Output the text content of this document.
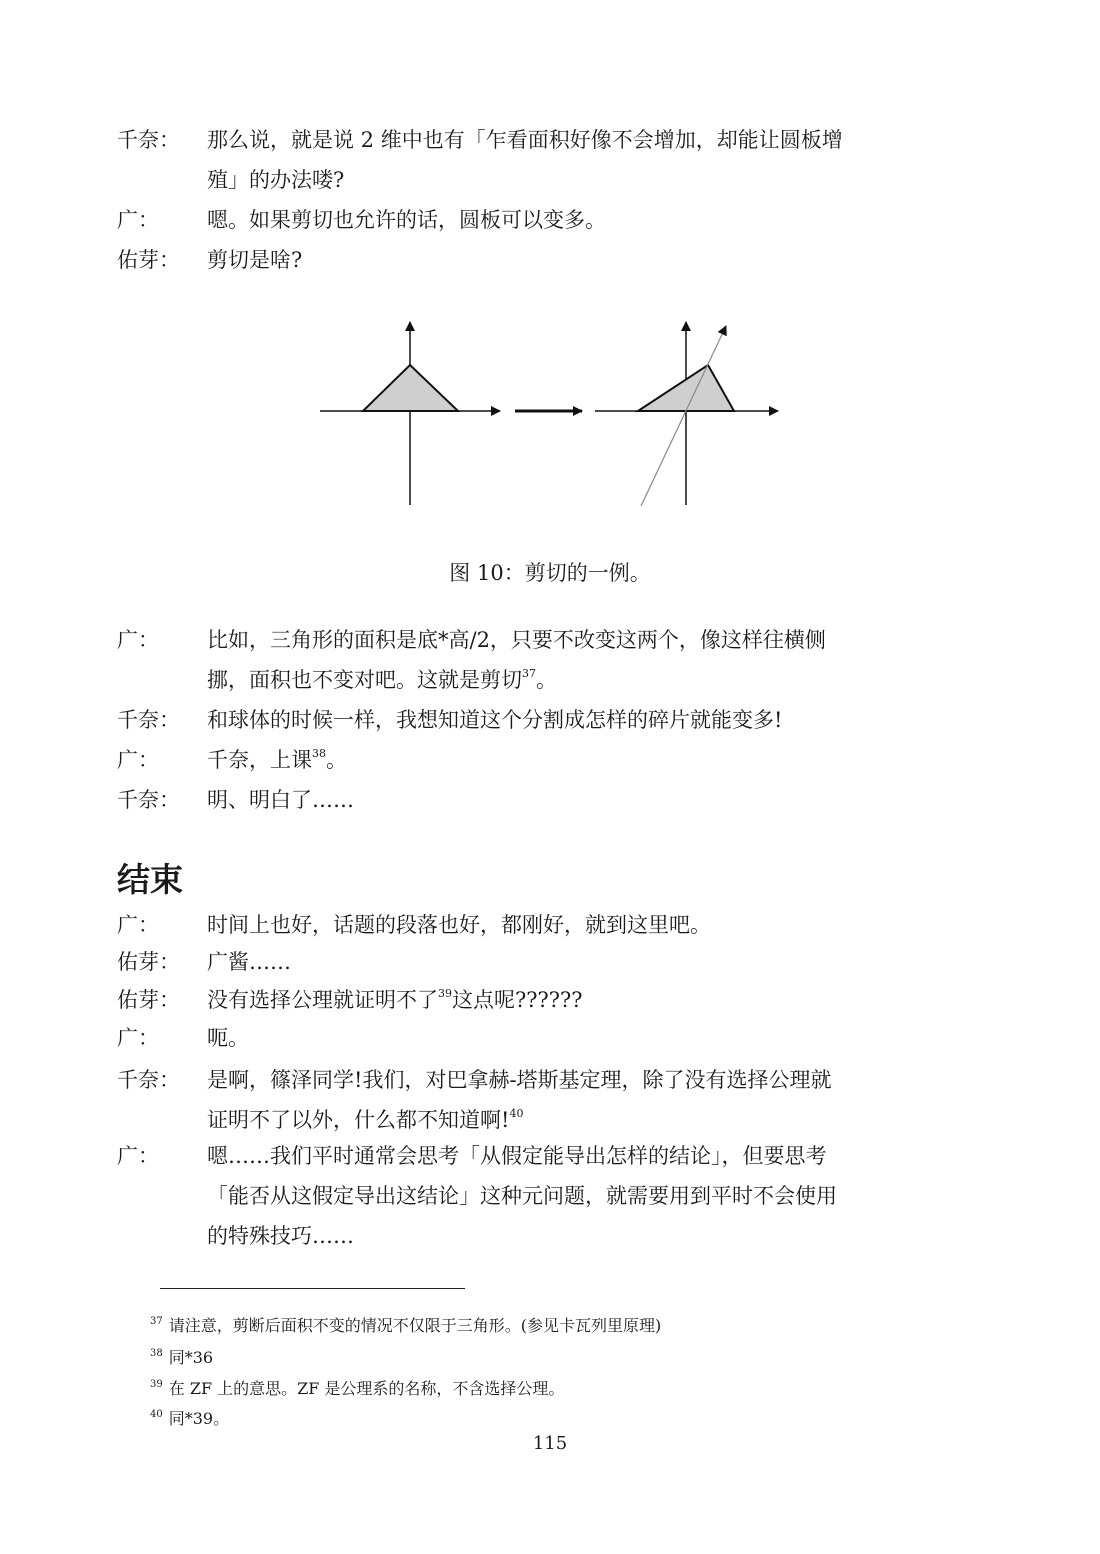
千奈：	那么说，就是说 2 维中也有「乍看面积好像不会增加，却能让圆板增
殖」的办法喽?
广：	嗯。如果剪切也允许的话，圆板可以变多。
佑芽：	剪切是啥?
图 10：剪切的一例。
广：	比如，三角形的面积是底*高/2，只要不改变这两个，像这样往横侧
挪，面积也不变对吧。这就是剪切$^{37}$。
千奈：	和球体的时候一样，我想知道这个分割成怎样的碎片就能变多!
广：	千奈，上课$^{38}$。
千奈：	明、明白了……
结束
广：	时间上也好，话题的段落也好，都刚好，就到这里吧。
佑芽：	广酱……
佑芽：	没有选择公理就证明不了$^{39}$这点呢??????
广：	呃。
千奈：	是啊，篠泽同学!我们，对巴拿赫-塔斯基定理，除了没有选择公理就
证明不了以外，什么都不知道啊!$^{40}$
广：	嗯……我们平时通常会思考「从假定能导出怎样的结论」，但要思考
「能否从这假定导出这结论」这种元问题，就需要用到平时不会使用
的特殊技巧……
$^{37}$ 请注意，剪断后面积不变的情况不仅限于三角形。(参见卡瓦列里原理)
$^{38}$ 同*36
$^{39}$ 在 ZF 上的意思。ZF 是公理系的名称，不含选择公理。
$^{40}$ 同*39。
115
